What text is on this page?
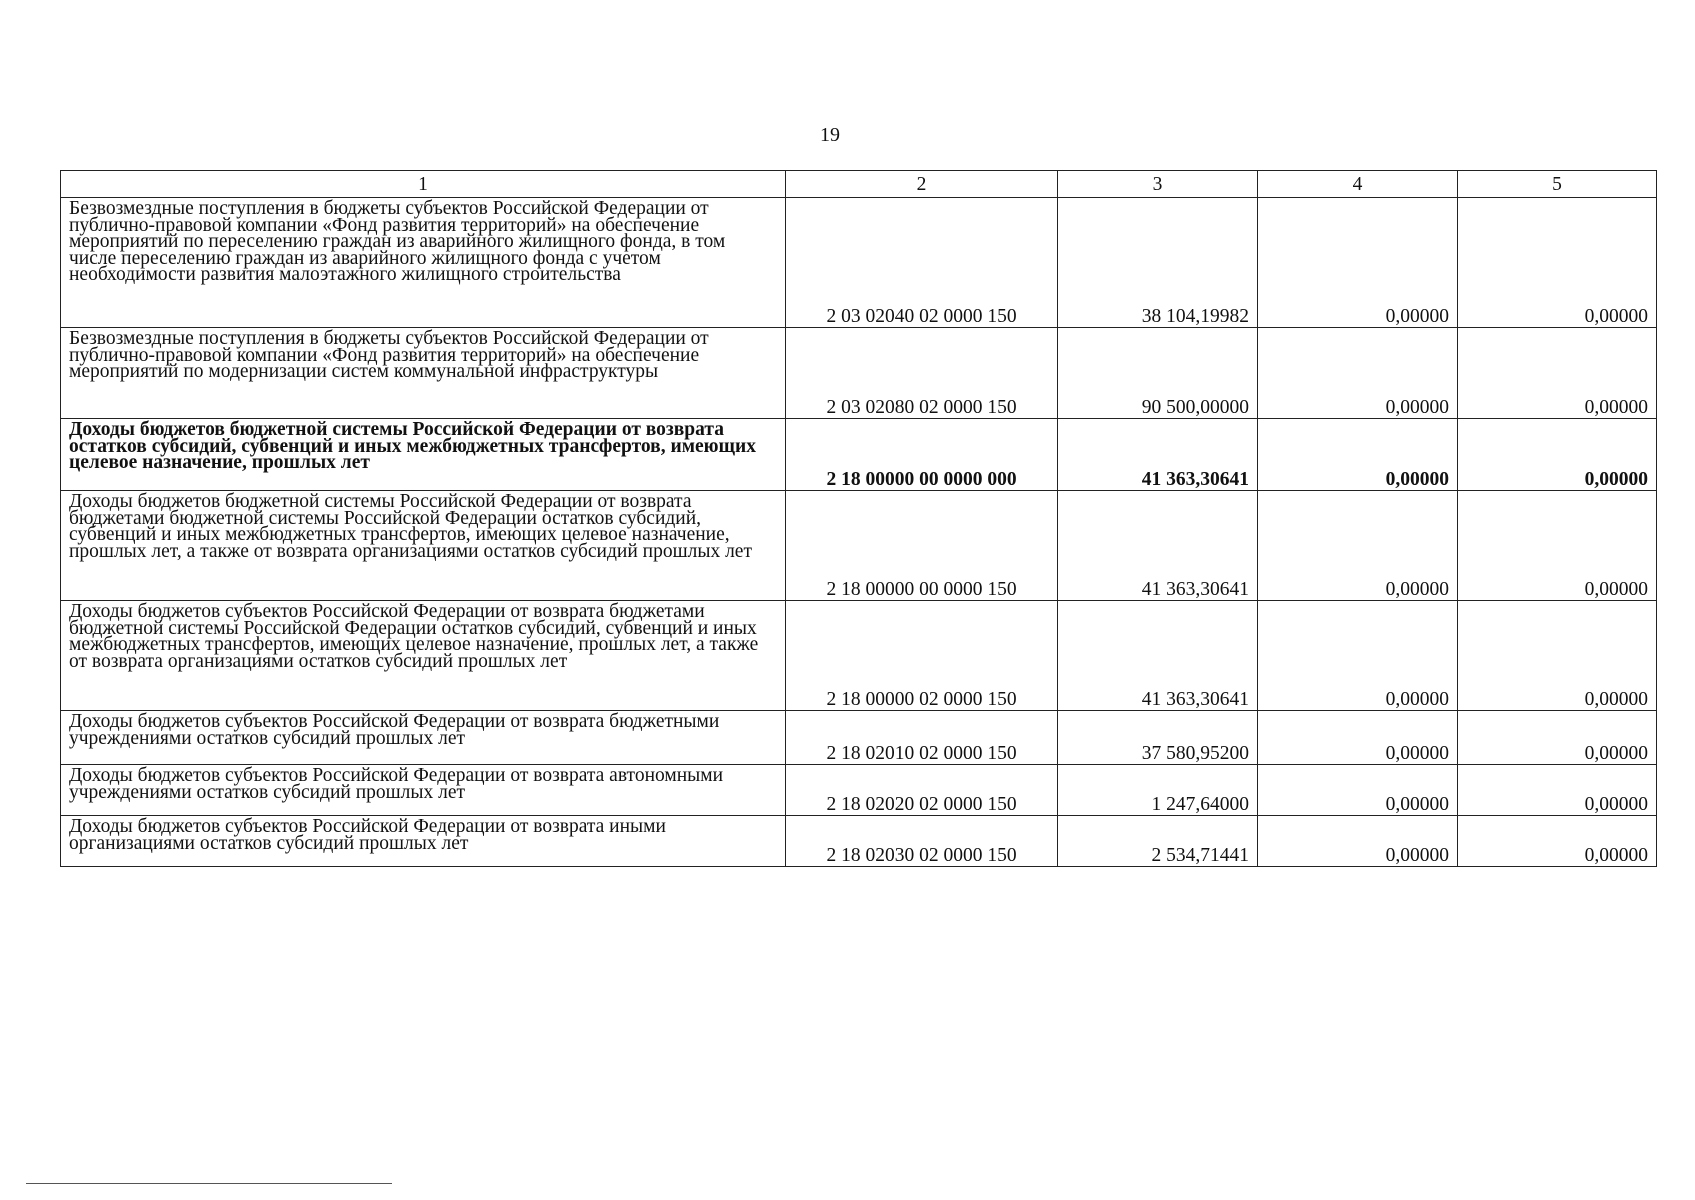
19
1	2	3	4	5
Безвозмездные поступления в бюджеты субъектов Российской Федерации от публично-правовой компании «Фонд развития территорий» на обеспечение мероприятий по переселению граждан из аварийного жилищного фонда, в том числе переселению граждан из аварийного жилищного фонда с учетом необходимости развития малоэтажного жилищного строительства	2 03 02040 02 0000 150	38 104,19982	0,00000	0,00000
Безвозмездные поступления в бюджеты субъектов Российской Федерации от публично-правовой компании «Фонд развития территорий» на обеспечение мероприятий по модернизации систем коммунальной инфраструктуры	2 03 02080 02 0000 150	90 500,00000	0,00000	0,00000
Доходы бюджетов бюджетной системы Российской Федерации от возврата остатков субсидий, субвенций и иных межбюджетных трансфертов, имеющих целевое назначение, прошлых лет	2 18 00000 00 0000 000	41 363,30641	0,00000	0,00000
Доходы бюджетов бюджетной системы Российской Федерации от возврата бюджетами бюджетной системы Российской Федерации остатков субсидий, субвенций и иных межбюджетных трансфертов, имеющих целевое назначение, прошлых лет, а также от возврата организациями остатков субсидий прошлых лет	2 18 00000 00 0000 150	41 363,30641	0,00000	0,00000
Доходы бюджетов субъектов Российской Федерации от возврата бюджетами бюджетной системы Российской Федерации остатков субсидий, субвенций и иных межбюджетных трансфертов, имеющих целевое назначение, прошлых лет, а также от возврата организациями остатков субсидий прошлых лет	2 18 00000 02 0000 150	41 363,30641	0,00000	0,00000
Доходы бюджетов субъектов Российской Федерации от возврата бюджетными учреждениями остатков субсидий прошлых лет	2 18 02010 02 0000 150	37 580,95200	0,00000	0,00000
Доходы бюджетов субъектов Российской Федерации от возврата автономными учреждениями остатков субсидий прошлых лет	2 18 02020 02 0000 150	1 247,64000	0,00000	0,00000
Доходы бюджетов субъектов Российской Федерации от возврата иными организациями остатков субсидий прошлых лет	2 18 02030 02 0000 150	2 534,71441	0,00000	0,00000
